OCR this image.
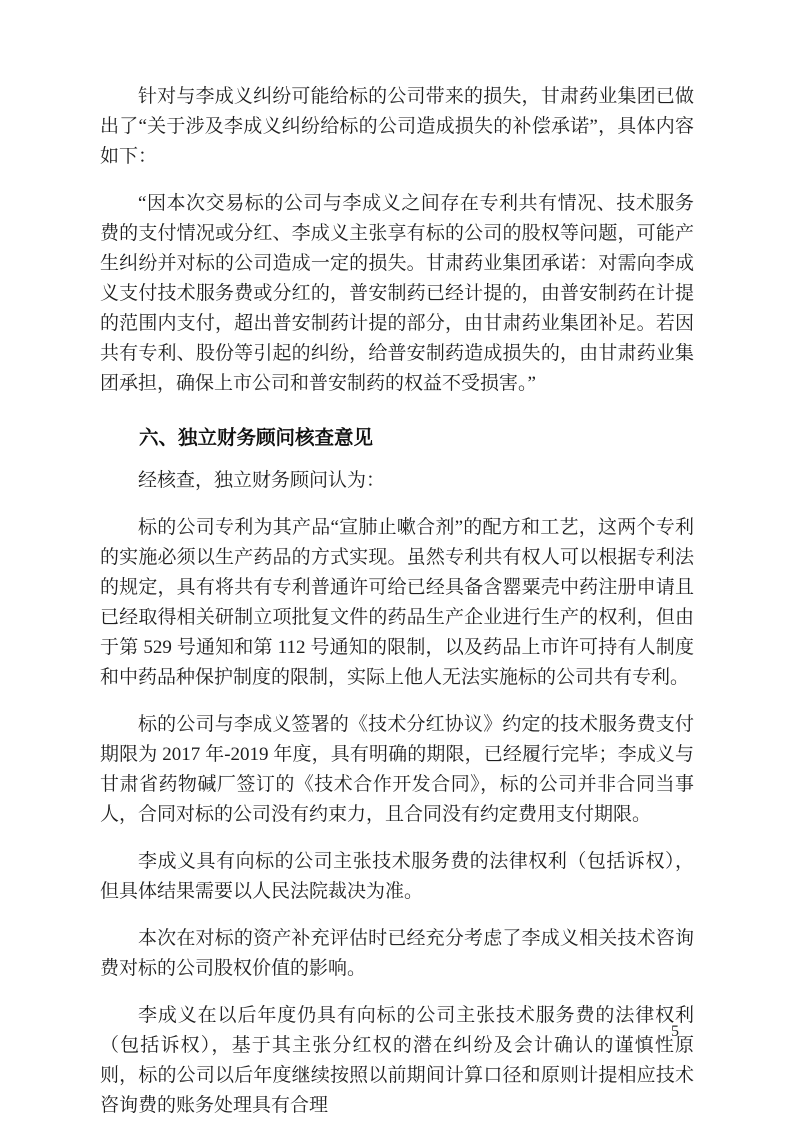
针对与李成义纠纷可能给标的公司带来的损失，甘肃药业集团已做出了“关于涉及李成义纠纷给标的公司造成损失的补偿承诺”，具体内容如下：

“因本次交易标的公司与李成义之间存在专利共有情况、技术服务费的支付情况或分红、李成义主张享有标的公司的股权等问题，可能产生纠纷并对标的公司造成一定的损失。甘肃药业集团承诺：对需向李成义支付技术服务费或分红的，普安制药已经计提的，由普安制药在计提的范围内支付，超出普安制药计提的部分，由甘肃药业集团补足。若因共有专利、股份等引起的纠纷，给普安制药造成损失的，由甘肃药业集团承担，确保上市公司和普安制药的权益不受损害。”

六、独立财务顾问核查意见

经核查，独立财务顾问认为：

标的公司专利为其产品“宣肺止嗽合剂”的配方和工艺，这两个专利的实施必须以生产药品的方式实现。虽然专利共有权人可以根据专利法的规定，具有将共有专利普通许可给已经具备含罂粟壳中药注册申请且已经取得相关研制立项批复文件的药品生产企业进行生产的权利，但由于第 529 号通知和第 112 号通知的限制，以及药品上市许可持有人制度和中药品种保护制度的限制，实际上他人无法实施标的公司共有专利。

标的公司与李成义签署的《技术分红协议》约定的技术服务费支付期限为 2017 年-2019 年度，具有明确的期限，已经履行完毕；李成义与甘肃省药物碱厂签订的《技术合作开发合同》，标的公司并非合同当事人，合同对标的公司没有约束力，且合同没有约定费用支付期限。

李成义具有向标的公司主张技术服务费的法律权利（包括诉权），但具体结果需要以人民法院裁决为准。

本次在对标的资产补充评估时已经充分考虑了李成义相关技术咨询费对标的公司股权价值的影响。

李成义在以后年度仍具有向标的公司主张技术服务费的法律权利（包括诉权），基于其主张分红权的潜在纠纷及会计确认的谨慎性原则，标的公司以后年度继续按照以前期间计算口径和原则计提相应技术咨询费的账务处理具有合理

5
